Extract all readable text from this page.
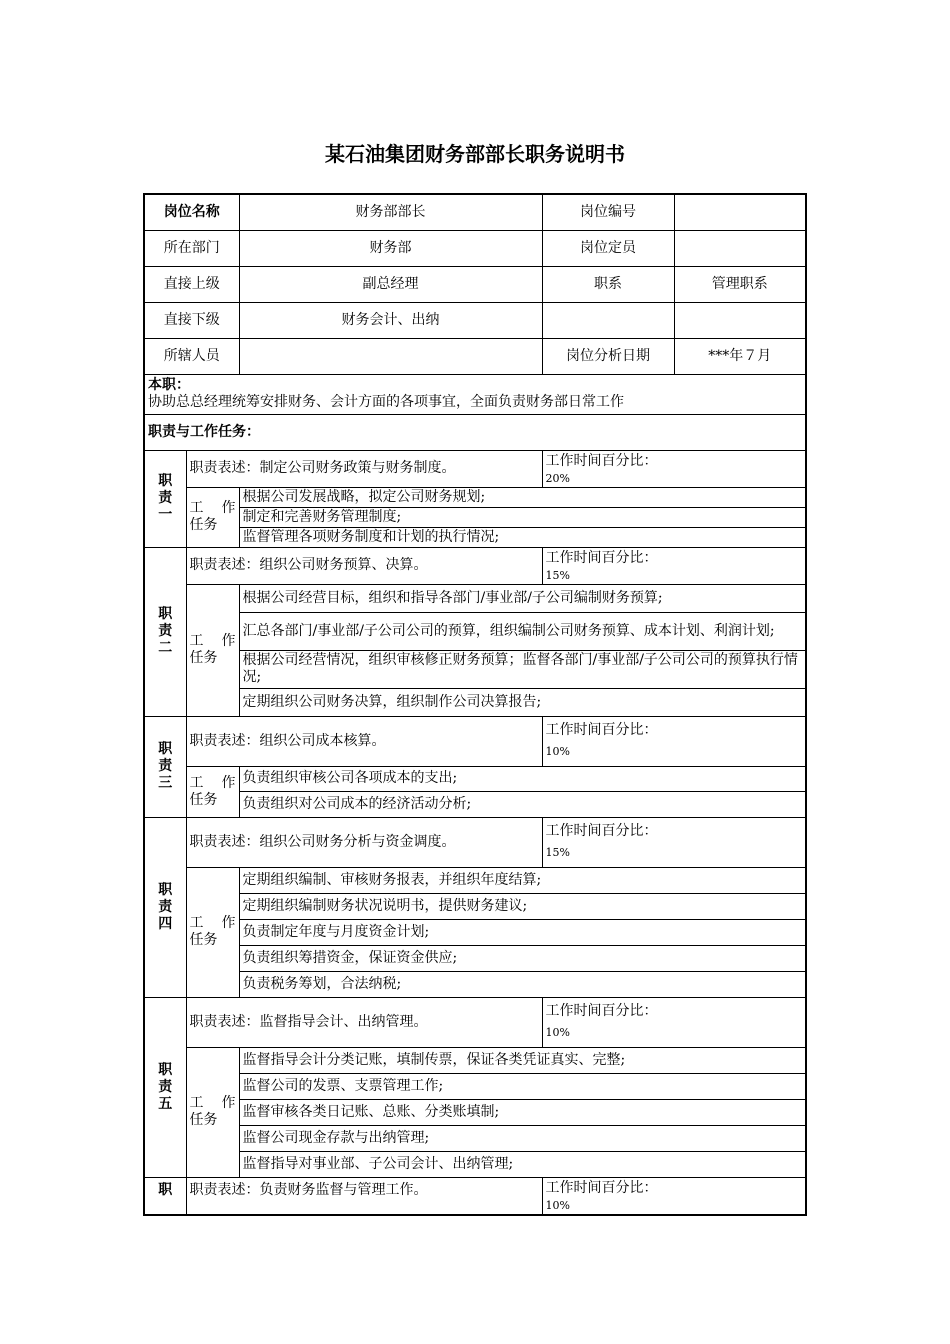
某石油集团财务部部长职务说明书
岗位名称		财务部部长	岗位编号	
所在部门		财务部	岗位定员	
直接上级		副总经理	职系	管理职系
直接下级		财务会计、出纳		
所辖人员			岗位分析日期	***年７月

本职：
协助总总经理统筹安排财务、会计方面的各项事宜，全面负责财务部日常工作				

职责与工作任务：				

职
责
一	职责表述：制定公司财务政策与财务制度。		工作时间百分比：
20%	

	工 作
任务	根据公司发展战略，拟定公司财务规划;		
		制定和完善财务管理制度;		
		监督管理各项财务制度和计划的执行情况;		

职
责
二	职责表述：组织公司财务预算、决算。		工作时间百分比：
15%	

	工 作
任务	根据公司经营目标，组织和指导各部门/事业部/子公司编制财务预算;		
		汇总各部门/事业部/子公司公司的预算，组织编制公司财务预算、成本计划、利润计划;		
		根据公司经营情况，组织审核修正财务预算；监督各部门/事业部/子公司公司的预算执行情况;		
		定期组织公司财务决算，组织制作公司决算报告;		

职
责
三	职责表述：组织公司成本核算。		工作时间百分比：
10%	

	工 作
任务	负责组织审核公司各项成本的支出;		
		负责组织对公司成本的经济活动分析;		

职
责
四	职责表述：组织公司财务分析与资金调度。		工作时间百分比：
15%	

	工 作
任务	定期组织编制、审核财务报表，并组织年度结算;		
		定期组织编制财务状况说明书，提供财务建议;		
		负责制定年度与月度资金计划;		
		负责组织筹措资金，保证资金供应;		
		负责税务筹划，合法纳税;		

职
责
五	职责表述：监督指导会计、出纳管理。		工作时间百分比：
10%	

	工 作
任务	监督指导会计分类记账，填制传票，保证各类凭证真实、完整;		
		监督公司的发票、支票管理工作;		
		监督审核各类日记账、总账、分类账填制;		
		监督公司现金存款与出纳管理;		
		监督指导对事业部、子公司会计、出纳管理;		

职	职责表述：负责财务监督与管理工作。		工作时间百分比：
10%	
